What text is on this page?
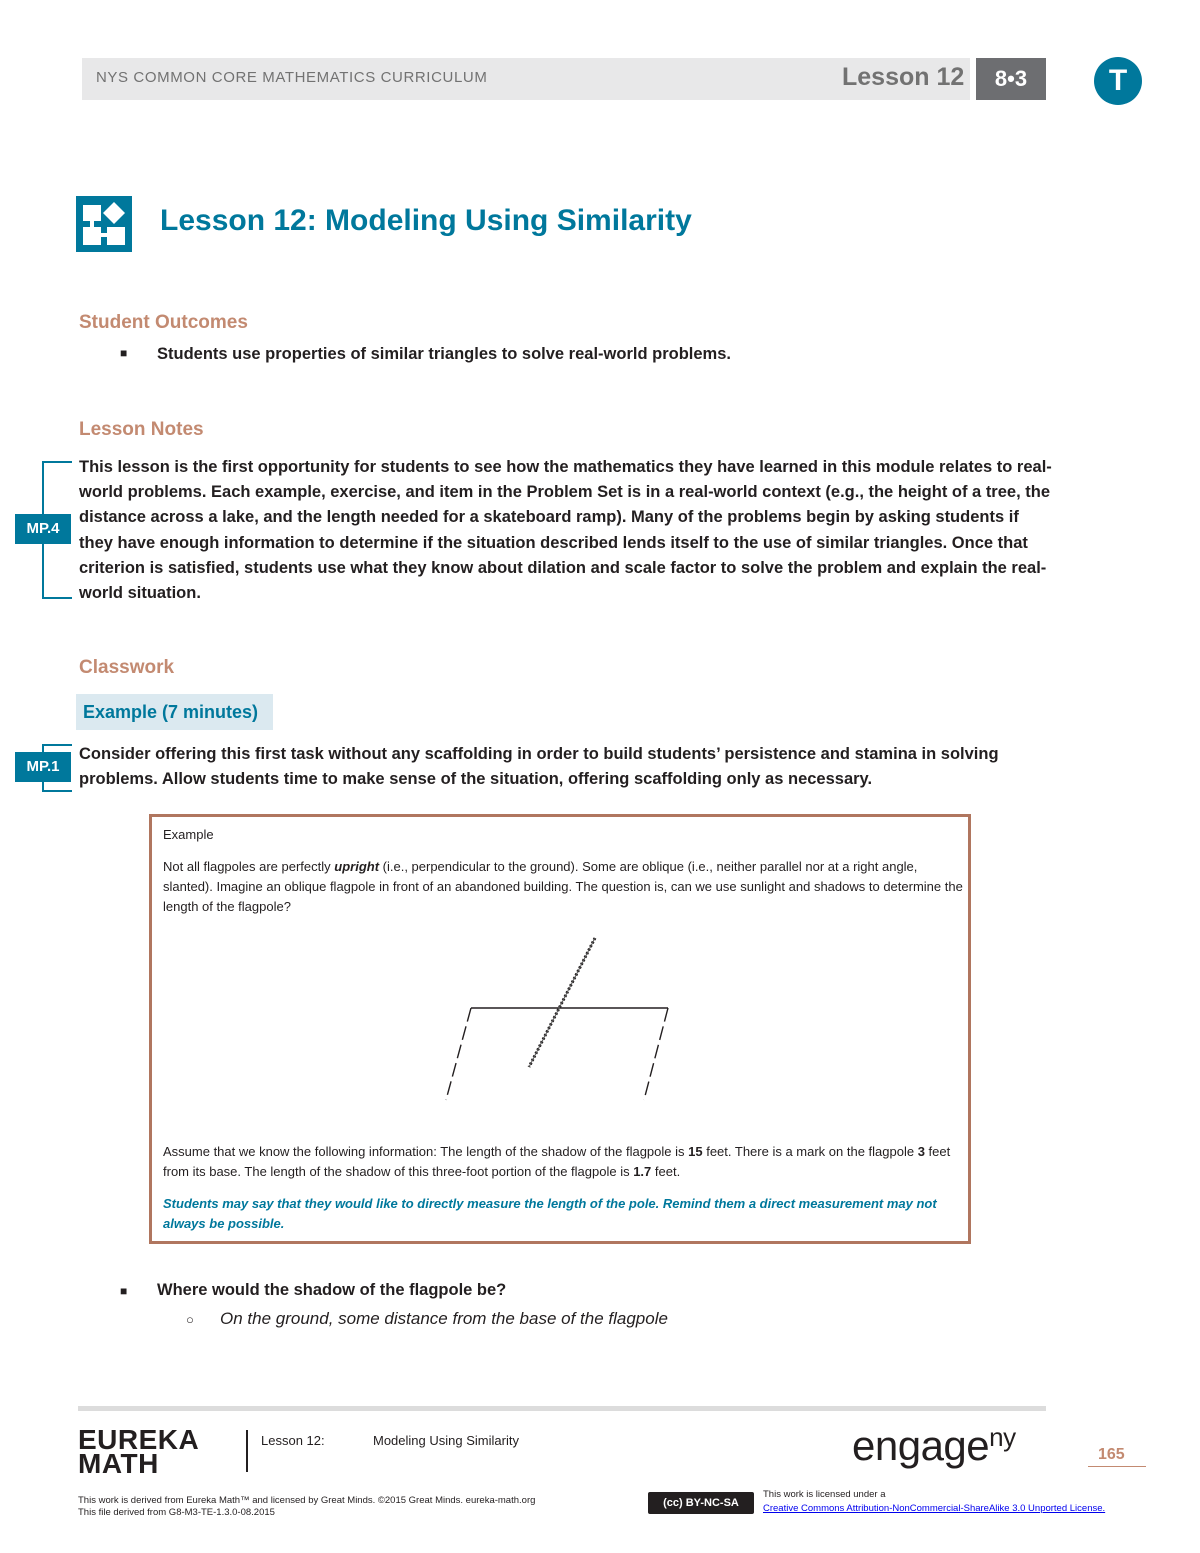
NYS COMMON CORE MATHEMATICS CURRICULUM	Lesson 12	8•3	T
Lesson 12: Modeling Using Similarity
Student Outcomes
■ Students use properties of similar triangles to solve real-world problems.
Lesson Notes
MP.4
This lesson is the first opportunity for students to see how the mathematics they have learned in this module relates to real-world problems. Each example, exercise, and item in the Problem Set is in a real-world context (e.g., the height of a tree, the distance across a lake, and the length needed for a skateboard ramp). Many of the problems begin by asking students if they have enough information to determine if the situation described lends itself to the use of similar triangles. Once that criterion is satisfied, students use what they know about dilation and scale factor to solve the problem and explain the real-world situation.
Classwork
Example (7 minutes)
MP.1
Consider offering this first task without any scaffolding in order to build students’ persistence and stamina in solving problems. Allow students time to make sense of the situation, offering scaffolding only as necessary.
Example
Not all flagpoles are perfectly upright (i.e., perpendicular to the ground). Some are oblique (i.e., neither parallel nor at a right angle, slanted). Imagine an oblique flagpole in front of an abandoned building. The question is, can we use sunlight and shadows to determine the length of the flagpole?
Assume that we know the following information: The length of the shadow of the flagpole is 15 feet. There is a mark on the flagpole 3 feet from its base. The length of the shadow of this three-foot portion of the flagpole is 1.7 feet.
Students may say that they would like to directly measure the length of the pole. Remind them a direct measurement may not always be possible.
■ Where would the shadow of the flagpole be?
○ On the ground, some distance from the base of the flagpole
EUREKA
MATH
Lesson 12:	Modeling Using Similarity	engage$^{ny}$
165
This work is derived from Eureka Math™ and licensed by Great Minds. ©2015 Great Minds. eureka-math.org
This file derived from G8-M3-TE-1.3.0-08.2015
(cc) BY-NC-SA
This work is licensed under a
Creative Commons Attribution-NonCommercial-ShareAlike 3.0 Unported License.
